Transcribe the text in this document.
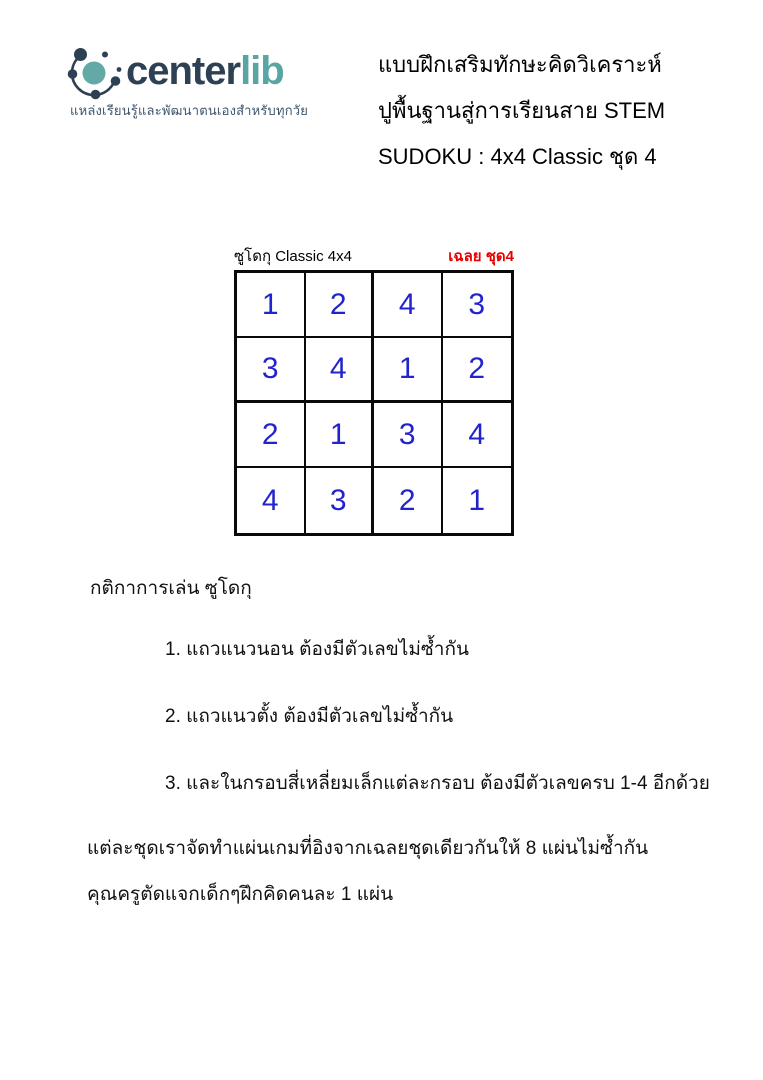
centerlib
แหล่งเรียนรู้และพัฒนาตนเองสำหรับทุกวัย
แบบฝึกเสริมทักษะคิดวิเคราะห์
ปูพื้นฐานสู่การเรียนสาย STEM
SUDOKU : 4x4 Classic ชุด 4
ซูโดกุ Classic 4x4	เฉลย ชุด4
1	2	4	3
3	4	1	2
2	1	3	4
4	3	2	1
กติกาการเล่น ซูโดกุ
1. แถวแนวนอน ต้องมีตัวเลขไม่ซ้ำกัน
2. แถวแนวตั้ง ต้องมีตัวเลขไม่ซ้ำกัน
3. และในกรอบสี่เหลี่ยมเล็กแต่ละกรอบ ต้องมีตัวเลขครบ 1-4 อีกด้วย
แต่ละชุดเราจัดทำแผ่นเกมที่อิงจากเฉลยชุดเดียวกันให้ 8 แผ่นไม่ซ้ำกัน
คุณครูตัดแจกเด็กๆฝึกคิดคนละ 1 แผ่น
